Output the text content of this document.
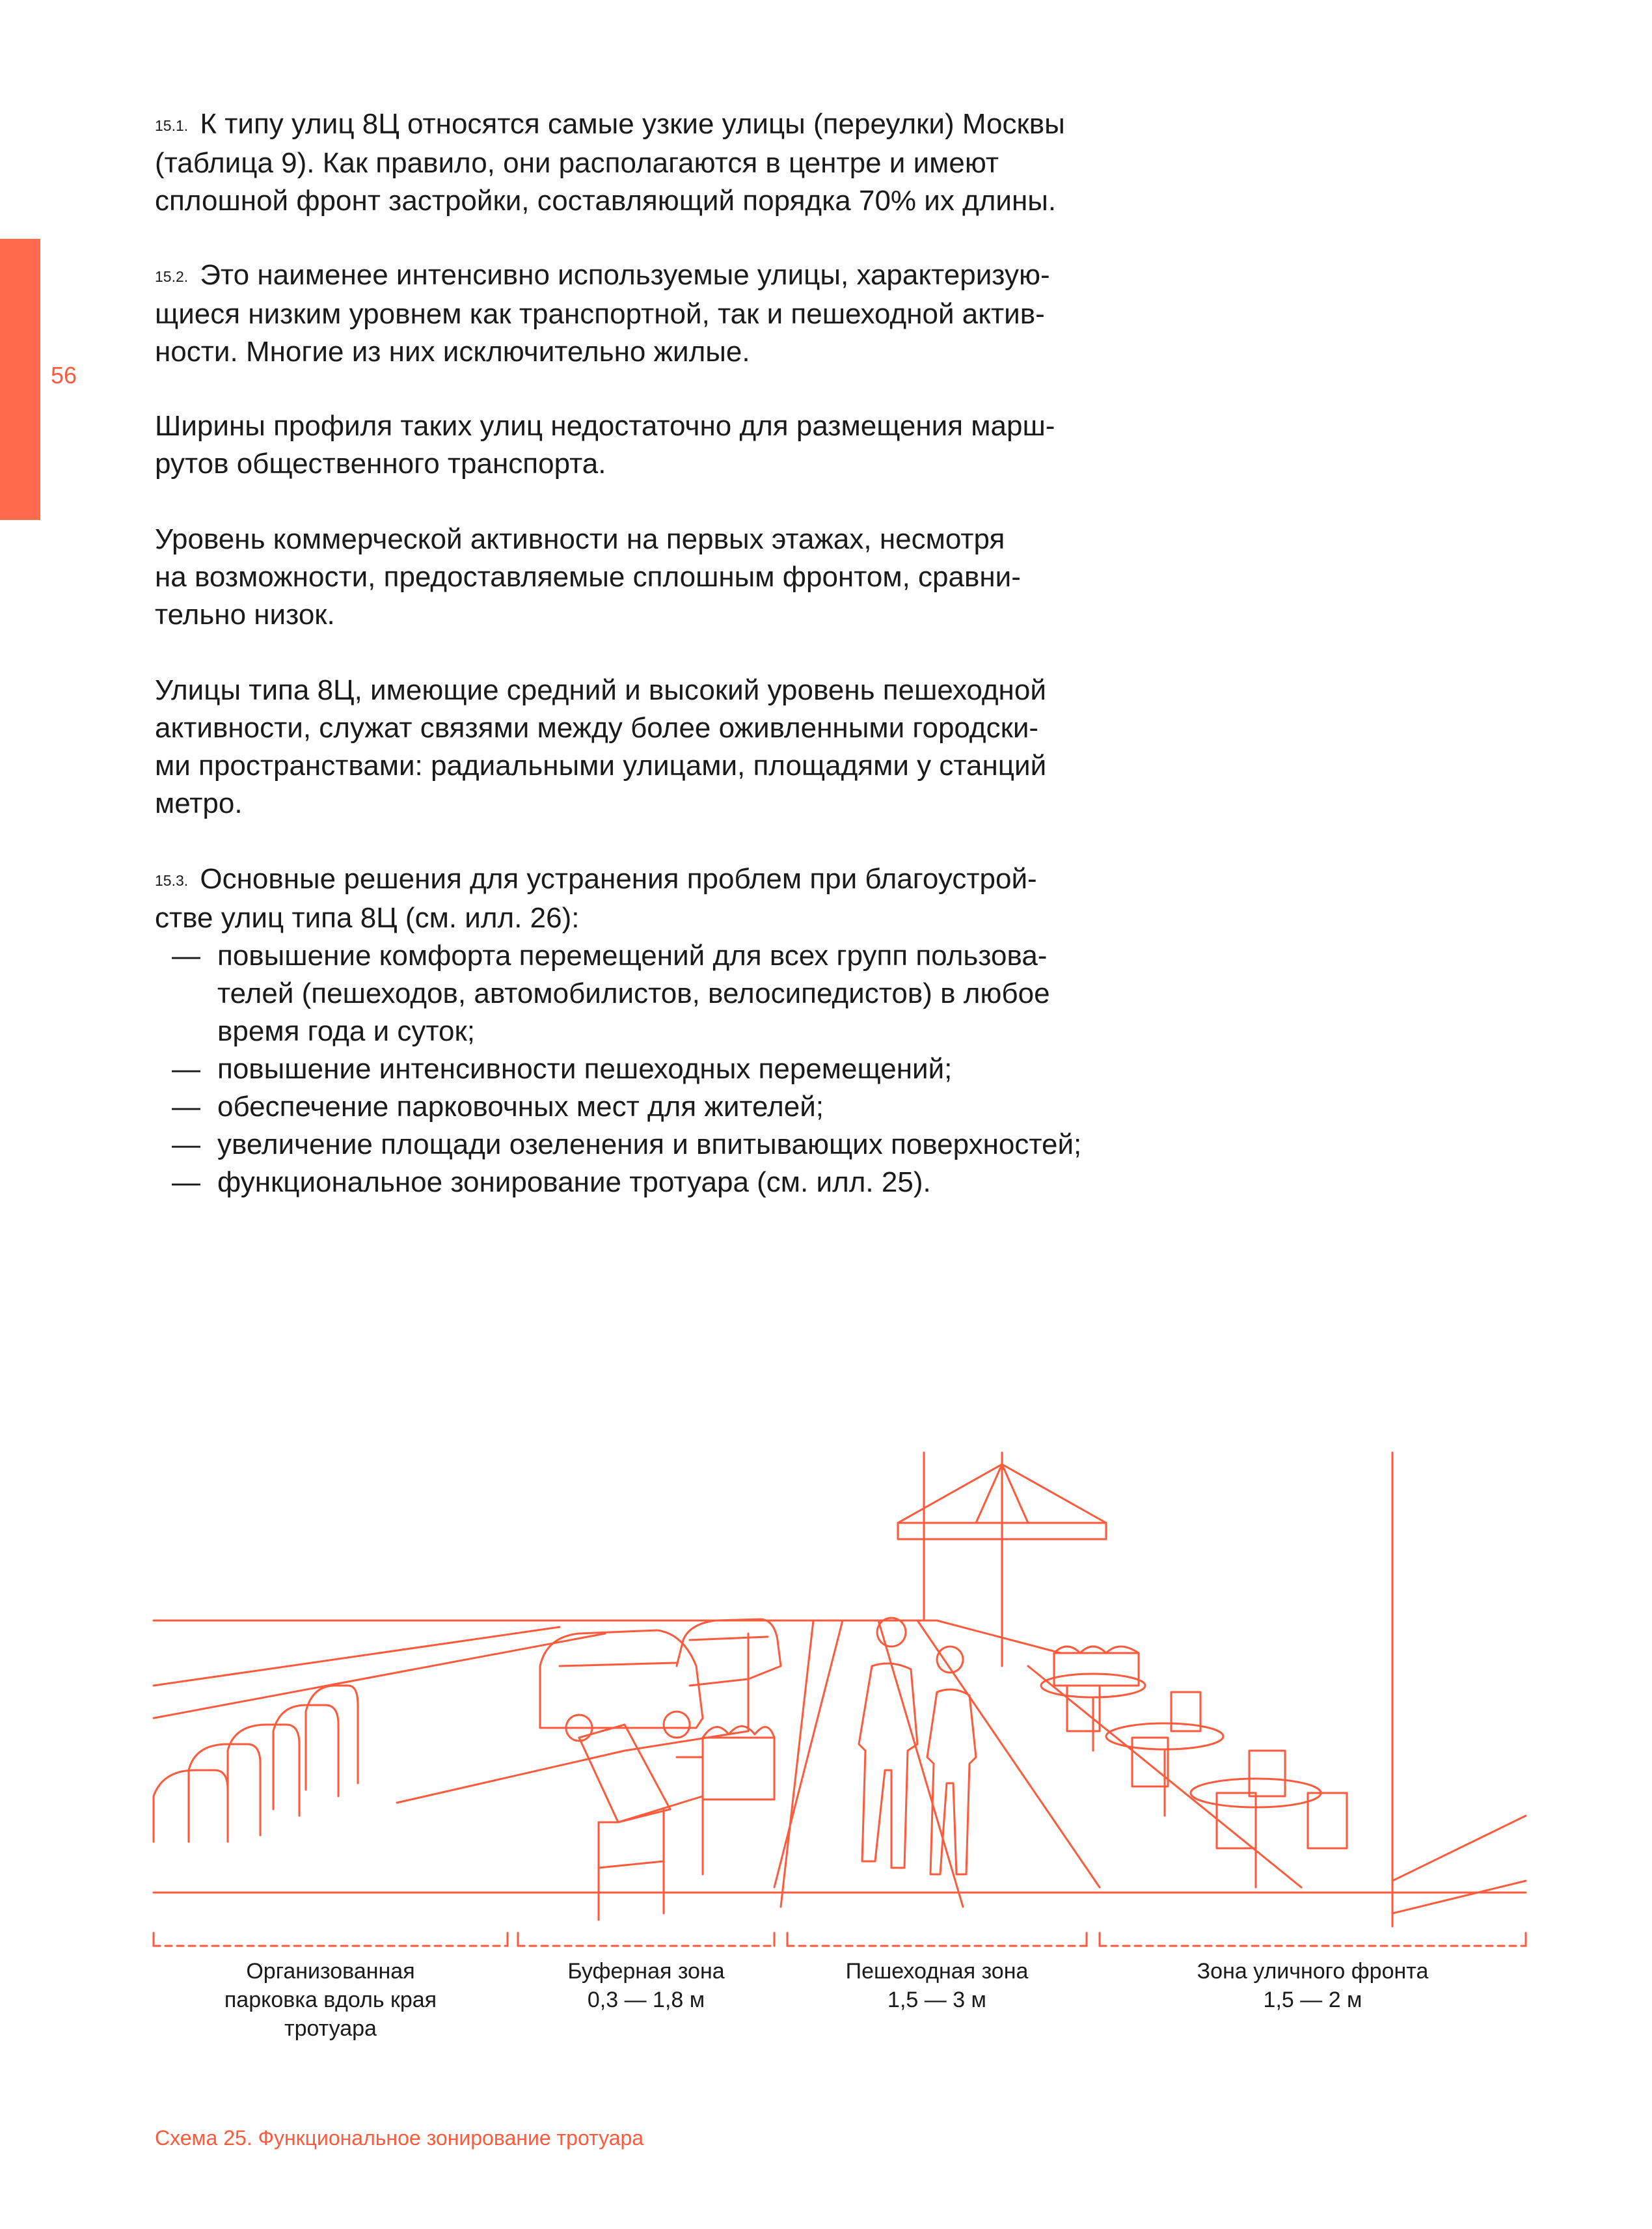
56

15.1. К типу улиц 8Ц относятся самые узкие улицы (переулки) Москвы

(таблица 9). Как правило, они располагаются в центре и имеют

сплошной фронт застройки, составляющий порядка 70% их длины.

15.2. Это наименее интенсивно используемые улицы, характеризую-

щиеся низким уровнем как транспортной, так и пешеходной актив-

ности. Многие из них исключительно жилые.

Ширины профиля таких улиц недостаточно для размещения марш-

рутов общественного транспорта.

Уровень коммерческой активности на первых этажах, несмотря

на возможности, предоставляемые сплошным фронтом, сравни-

тельно низок.

Улицы типа 8Ц, имеющие средний и высокий уровень пешеходной

активности, служат связями между более оживленными городски-

ми пространствами: радиальными улицами, площадями у станций

метро.

15.3. Основные решения для устранения проблем при благоустрой-

стве улиц типа 8Ц (см. илл. 26):

— повышение комфорта перемещений для всех групп пользова-
телей (пешеходов, автомобилистов, велосипедистов) в любое
время года и суток;
— повышение интенсивности пешеходных перемещений;
— обеспечение парковочных мест для жителей;
— увеличение площади озеленения и впитывающих поверхностей;
— функциональное зонирование тротуара (см. илл. 25).
Организованная
парковка вдоль края
тротуара
Буферная зона
0,3 — 1,8 м
Пешеходная зона
1,5 — 3 м
Зона уличного фронта
1,5 — 2 м
Схема 25. Функциональное зонирование тротуара
